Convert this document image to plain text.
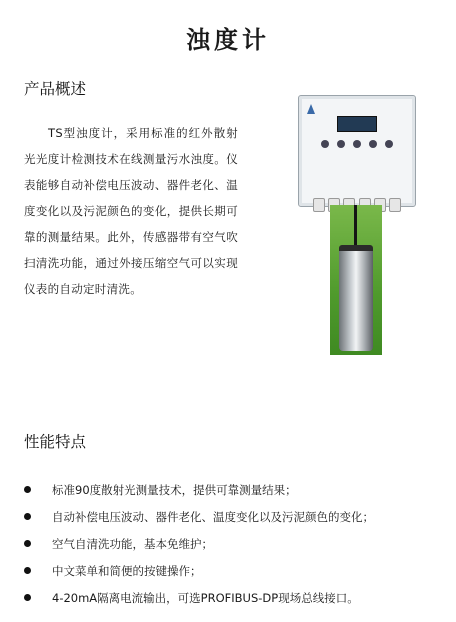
浊度计
产品概述

TS型浊度计，采用标准的红外散射光光度计检测技术在线测量污水浊度。仪表能够自动补偿电压波动、器件老化、温度变化以及污泥颜色的变化，提供长期可靠的测量结果。此外，传感器带有空气吹扫清洗功能，通过外接压缩空气可以实现仪表的自动定时清洗。

性能特点
标准90度散射光测量技术，提供可靠测量结果；
自动补偿电压波动、器件老化、温度变化以及污泥颜色的变化；
空气自清洗功能，基本免维护；
中文菜单和简便的按键操作；
4-20mA隔离电流输出，可选PROFIBUS-DP现场总线接口。
